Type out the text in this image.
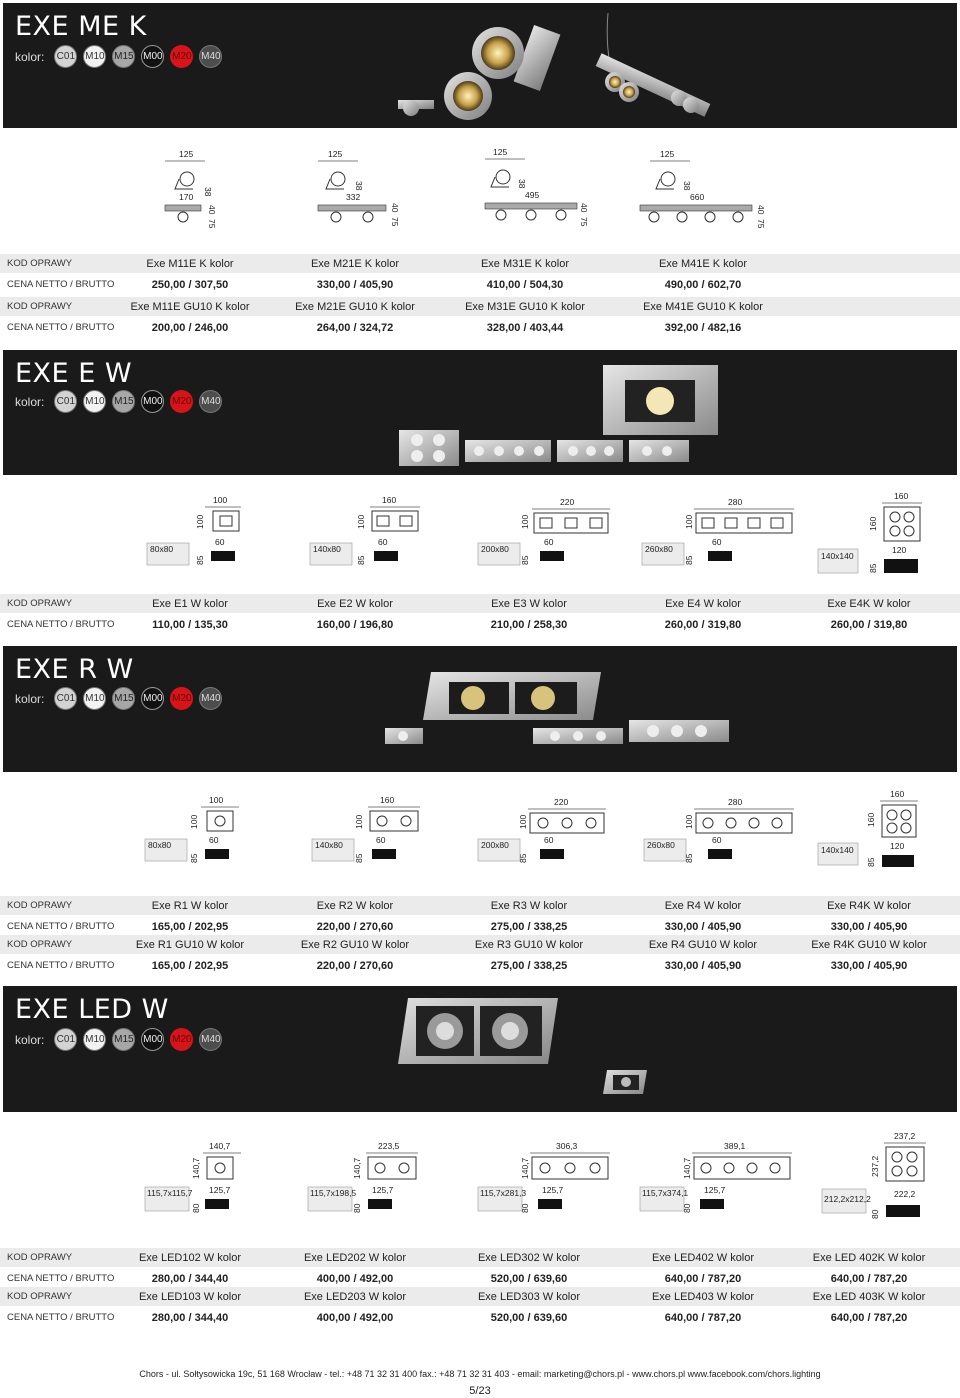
EXE ME K
kolor: C01 M10 M15 M00 M20 M40
125
38
170
40
75
125
38
332
40
75
125
38
495
40
75
125
38
660
40
75
KOD OPRAWY	Exe M11E K kolor	Exe M21E K kolor	Exe M31E K kolor	Exe M41E K kolor
CENA NETTO / BRUTTO	250,00 / 307,50	330,00 / 405,90	410,00 / 504,30	490,00 / 602,70
KOD OPRAWY	Exe M11E GU10 K kolor	Exe M21E GU10 K kolor	Exe M31E GU10 K kolor	Exe M41E GU10 K kolor
CENA NETTO / BRUTTO	200,00 / 246,00	264,00 / 324,72	328,00 / 403,44	392,00 / 482,16
EXE E W
kolor: C01 M10 M15 M00 M20 M40
100
100
80x80
60
85
160
100
140x80
60
85
220
100
200x80
60
85
280
100
260x80
60
85
160
160
140x140
120
85
KOD OPRAWY	Exe E1 W kolor	Exe E2 W kolor	Exe E3 W kolor	Exe E4 W kolor	Exe E4K W kolor
CENA NETTO / BRUTTO	110,00 / 135,30	160,00 / 196,80	210,00 / 258,30	260,00 / 319,80	260,00 / 319,80
EXE R W
kolor: C01 M10 M15 M00 M20 M40
100
100
80x80	60
85
160
100
140x80	60
85
220
100
200x80	60
85
280
100
260x80	60
85
160
160
140x140	120
85
KOD OPRAWY	Exe R1 W kolor	Exe R2 W kolor	Exe R3 W kolor	Exe R4 W kolor	Exe R4K W kolor
CENA NETTO / BRUTTO	165,00 / 202,95	220,00 / 270,60	275,00 / 338,25	330,00 / 405,90	330,00 / 405,90
KOD OPRAWY	Exe R1 GU10 W kolor	Exe R2 GU10 W kolor	Exe R3 GU10 W kolor	Exe R4 GU10 W kolor	Exe R4K GU10 W kolor
CENA NETTO / BRUTTO	165,00 / 202,95	220,00 / 270,60	275,00 / 338,25	330,00 / 405,90	330,00 / 405,90
EXE LED W
kolor: C01 M10 M15 M00 M20 M40
140,7
140,7
115,7x115,7 125,7
80
223,5
140,7
115,7x198,5 125,7
80
306,3
140,7
115,7x281,3 125,7
80
389,1
140,7
115,7x374,1 125,7
80
237,2
237,2
212,2x212,2	222,2
80
KOD OPRAWY	Exe LED102 W kolor	Exe LED202 W kolor	Exe LED302 W kolor	Exe LED402 W kolor	Exe LED 402K W kolor
CENA NETTO / BRUTTO	280,00 / 344,40	400,00 / 492,00	520,00 / 639,60	640,00 / 787,20	640,00 / 787,20
KOD OPRAWY	Exe LED103 W kolor	Exe LED203 W kolor	Exe LED303 W kolor	Exe LED403 W kolor	Exe LED 403K W kolor
CENA NETTO / BRUTTO	280,00 / 344,40	400,00 / 492,00	520,00 / 639,60	640,00 / 787,20	640,00 / 787,20
Chors - ul. Sołtysowicka 19c, 51 168 Wrocław - tel.: +48 71 32 31 400 fax.: +48 71 32 31 403 - email: marketing@chors.pl - www.chors.pl www.facebook.com/chors.lighting
5/23
